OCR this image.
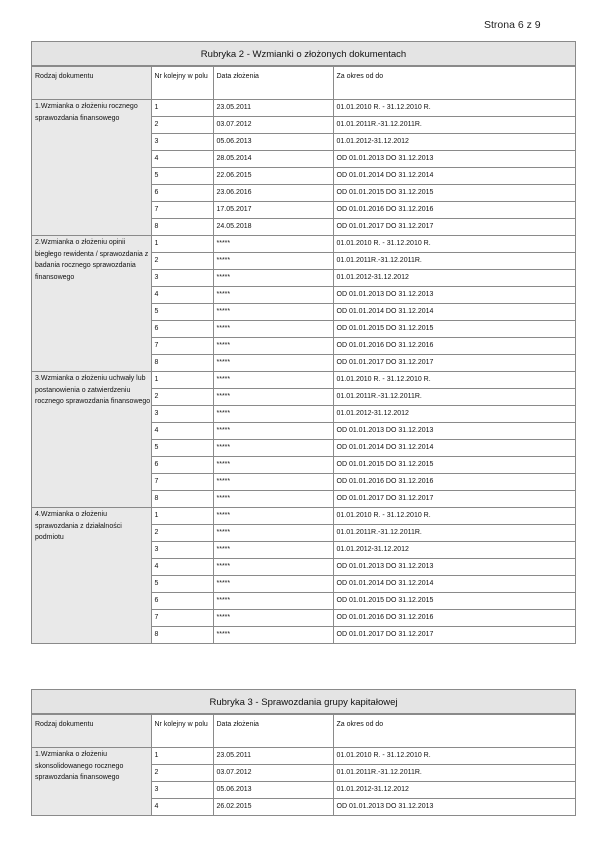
Strona 6 z 9
Rubryka 2 - Wzmianki o złożonych dokumentach
Rodzaj dokumentu	Nr kolejny w polu	Data złożenia	Za okres od do
1.Wzmianka o złożeniu rocznego sprawozdania finansowego	1	23.05.2011	01.01.2010 R. - 31.12.2010 R.
	2	03.07.2012	01.01.2011R.-31.12.2011R.
	3	05.06.2013	01.01.2012-31.12.2012
	4	28.05.2014	OD 01.01.2013 DO 31.12.2013
	5	22.06.2015	OD 01.01.2014 DO 31.12.2014
	6	23.06.2016	OD 01.01.2015 DO 31.12.2015
	7	17.05.2017	OD 01.01.2016 DO 31.12.2016
	8	24.05.2018	OD 01.01.2017 DO 31.12.2017
2.Wzmianka o złożeniu opinii biegłego rewidenta / sprawozdania z badania rocznego sprawozdania finansowego	1	*****	01.01.2010 R. - 31.12.2010 R.
	2	*****	01.01.2011R.-31.12.2011R.
	3	*****	01.01.2012-31.12.2012
	4	*****	OD 01.01.2013 DO 31.12.2013
	5	*****	OD 01.01.2014 DO 31.12.2014
	6	*****	OD 01.01.2015 DO 31.12.2015
	7	*****	OD 01.01.2016 DO 31.12.2016
	8	*****	OD 01.01.2017 DO 31.12.2017
3.Wzmianka o złożeniu uchwały lub postanowienia o zatwierdzeniu rocznego sprawozdania finansowego	1	*****	01.01.2010 R. - 31.12.2010 R.
	2	*****	01.01.2011R.-31.12.2011R.
	3	*****	01.01.2012-31.12.2012
	4	*****	OD 01.01.2013 DO 31.12.2013
	5	*****	OD 01.01.2014 DO 31.12.2014
	6	*****	OD 01.01.2015 DO 31.12.2015
	7	*****	OD 01.01.2016 DO 31.12.2016
	8	*****	OD 01.01.2017 DO 31.12.2017
4.Wzmianka o złożeniu sprawozdania z działalności podmiotu	1	*****	01.01.2010 R. - 31.12.2010 R.
	2	*****	01.01.2011R.-31.12.2011R.
	3	*****	01.01.2012-31.12.2012
	4	*****	OD 01.01.2013 DO 31.12.2013
	5	*****	OD 01.01.2014 DO 31.12.2014
	6	*****	OD 01.01.2015 DO 31.12.2015
	7	*****	OD 01.01.2016 DO 31.12.2016
	8	*****	OD 01.01.2017 DO 31.12.2017
Rubryka 3 - Sprawozdania grupy kapitałowej
Rodzaj dokumentu	Nr kolejny w polu	Data złożenia	Za okres od do
1.Wzmianka o złożeniu skonsolidowanego rocznego sprawozdania finansowego	1	23.05.2011	01.01.2010 R. - 31.12.2010 R.
	2	03.07.2012	01.01.2011R.-31.12.2011R.
	3	05.06.2013	01.01.2012-31.12.2012
	4	26.02.2015	OD 01.01.2013 DO 31.12.2013
